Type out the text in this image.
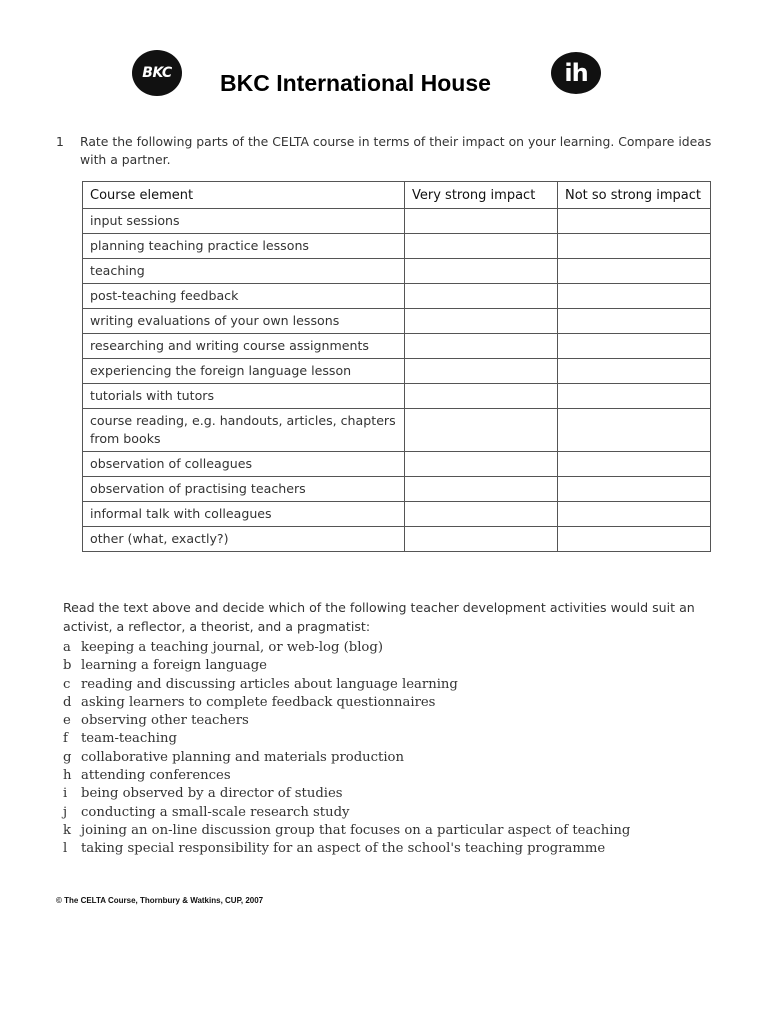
BKC BKC International House	ih
1 Rate the following parts of the CELTA course in terms of their impact on your learning. Compare ideas with a partner.
Course element	Very strong impact	Not so strong impact
input sessions		
planning teaching practice lessons		
teaching		
post-teaching feedback		
writing evaluations of your own lessons		
researching and writing course assignments		
experiencing the foreign language lesson		
tutorials with tutors		
course reading, e.g. handouts, articles, chapters from books		
observation of colleagues		
observation of practising teachers		
informal talk with colleagues		
other (what, exactly?)		
Read the text above and decide which of the following teacher development activities would suit an activist, a reflector, a theorist, and a pragmatist:
a keeping a teaching journal, or web-log (blog)
b learning a foreign language
c reading and discussing articles about language learning
d asking learners to complete feedback questionnaires
e observing other teachers
f team-teaching
g collaborative planning and materials production
h attending conferences
i being observed by a director of studies
j conducting a small-scale research study
k joining an on-line discussion group that focuses on a particular aspect of teaching
l taking special responsibility for an aspect of the school's teaching programme
© The CELTA Course, Thornbury & Watkins, CUP, 2007
